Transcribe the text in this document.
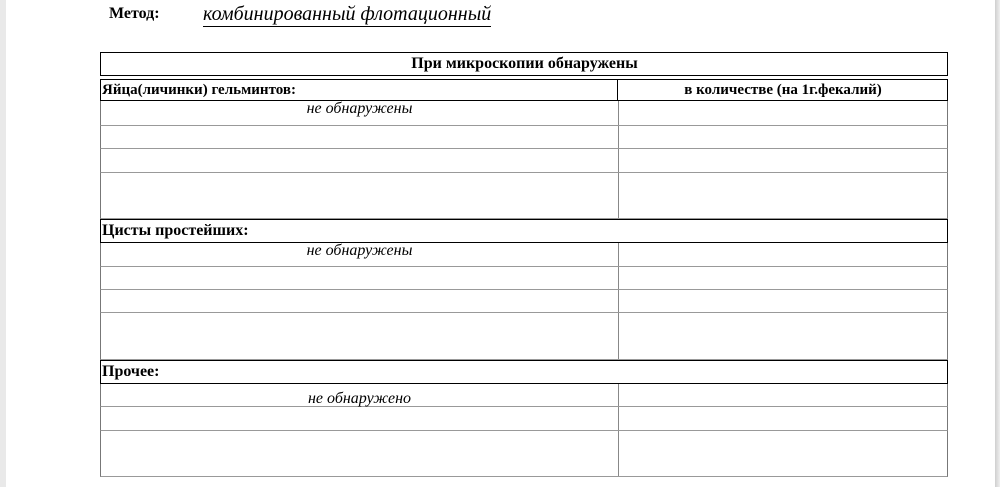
Метод: комбинированный флотационный
При микроскопии обнаружены
Яйца(личинки) гельминтов:	в количестве (на 1г.фекалий)
не обнаружены
Цисты простейших:
не обнаружены
Прочее:
не обнаружено
